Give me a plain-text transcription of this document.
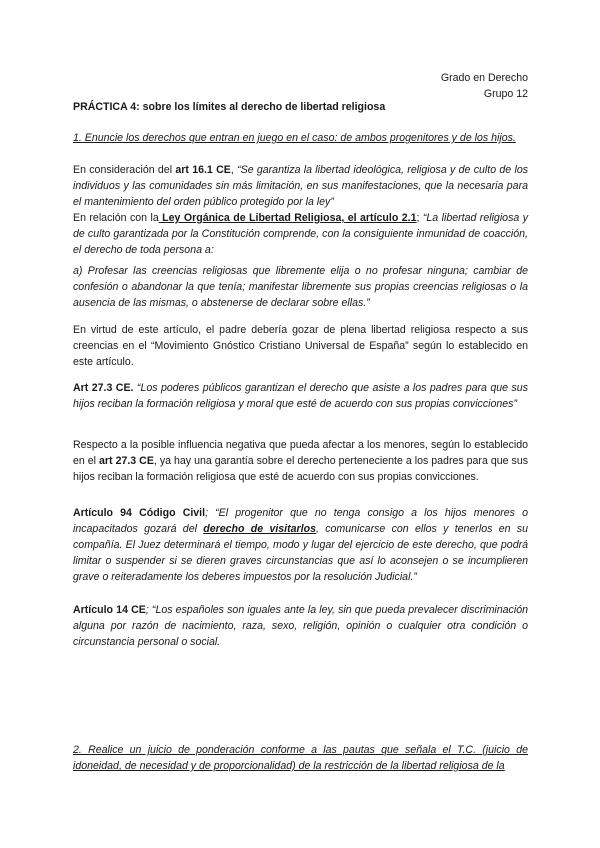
Grado en Derecho
Grupo 12
PRÁCTICA 4: sobre los límites al derecho de libertad religiosa

1. Enuncie los derechos que entran en juego en el caso: de ambos progenitores y de los hijos.

En consideración del art 16.1 CE, “Se garantiza la libertad ideológica, religiosa y de culto de los individuos y las comunidades sin más limitación, en sus manifestaciones, que la necesaria para el mantenimiento del orden público protegido por la ley”

En relación con la Ley Orgánica de Libertad Religiosa, el artículo 2.1; “La libertad religiosa y de culto garantizada por la Constitución comprende, con la consiguiente inmunidad de coacción, el derecho de toda persona a:

a) Profesar las creencias religiosas que libremente elija o no profesar ninguna; cambiar de confesión o abandonar la que tenía; manifestar libremente sus propias creencias religiosas o la ausencia de las mismas, o abstenerse de declarar sobre ellas.”

En virtud de este artículo, el padre debería gozar de plena libertad religiosa respecto a sus creencias en el “Movimiento Gnóstico Cristiano Universal de España” según lo establecido en este artículo.

Art 27.3 CE. “Los poderes públicos garantizan el derecho que asiste a los padres para que sus hijos reciban la formación religiosa y moral que esté de acuerdo con sus propias convicciones”

Respecto a la posible influencia negativa que pueda afectar a los menores, según lo establecido en el art 27.3 CE, ya hay una garantía sobre el derecho perteneciente a los padres para que sus hijos reciban la formación religiosa que esté de acuerdo con sus propias convicciones.

Artículo 94 Código Civil; “El progenitor que no tenga consigo a los hijos menores o incapacitados gozará del derecho de visitarlos, comunicarse con ellos y tenerlos en su compañía. El Juez determinará el tiempo, modo y lugar del ejercicio de este derecho, que podrá limitar o suspender si se dieren graves circunstancias que así lo aconsejen o se incumplieren grave o reiteradamente los deberes impuestos por la resolución Judicial.”

Artículo 14 CE; “Los españoles son iguales ante la ley, sin que pueda prevalecer discriminación alguna por razón de nacimiento, raza, sexo, religión, opinión o cualquier otra condición o circunstancia personal o social.

2. Realice un juicio de ponderación conforme a las pautas que señala el T.C. (juicio de idoneidad, de necesidad y de proporcionalidad) de la restricción de la libertad religiosa de la
